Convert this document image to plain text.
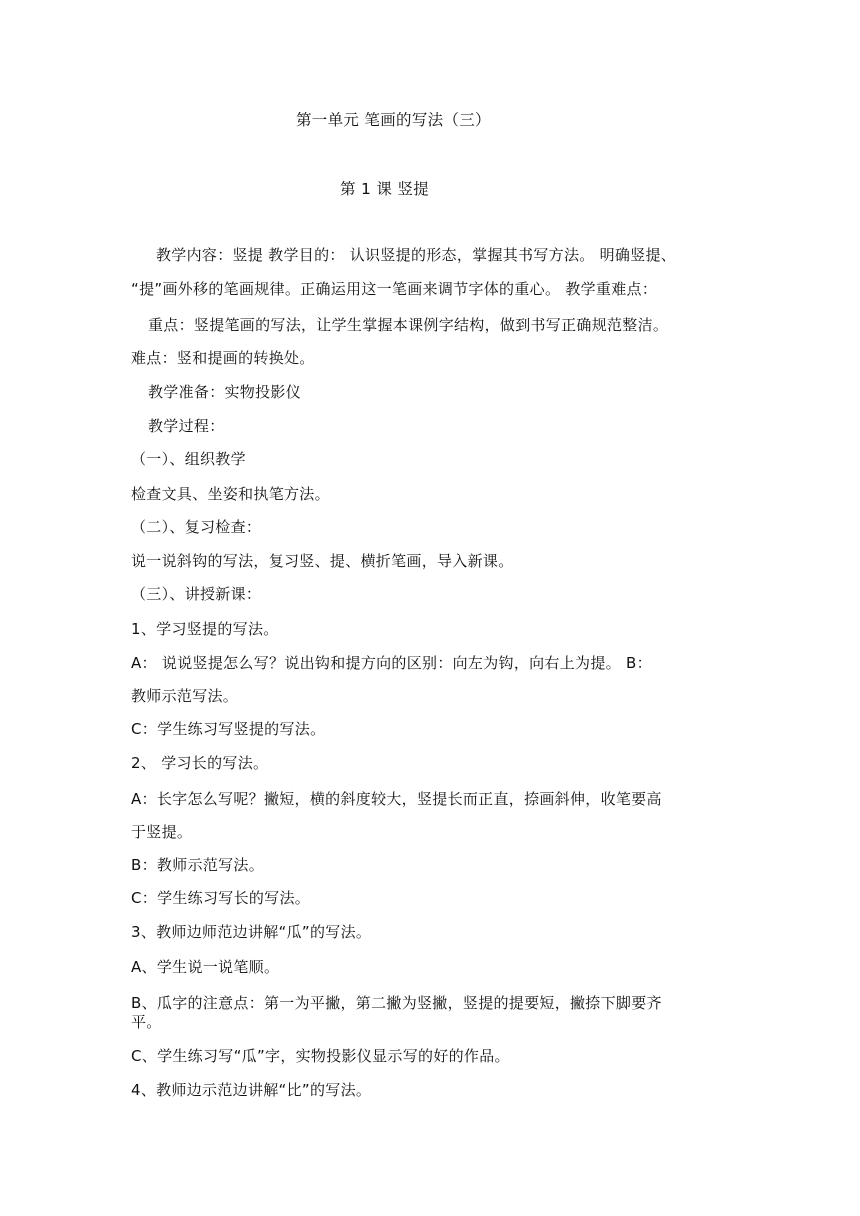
第一单元 笔画的写法（三）
第 1 课 竖提
教学内容：竖提 教学目的： 认识竖提的形态，掌握其书写方法。 明确竖提、
“提”画外移的笔画规律。正确运用这一笔画来调节字体的重心。 教学重难点：
重点：竖提笔画的写法，让学生掌握本课例字结构，做到书写正确规范整洁。
难点：竖和提画的转换处。
教学准备：实物投影仪
教学过程：
（一）、组织教学
检查文具、坐姿和执笔方法。
（二）、复习检查：
说一说斜钩的写法，复习竖、提、横折笔画，导入新课。
（三）、讲授新课：
1、学习竖提的写法。
A： 说说竖提怎么写？说出钩和提方向的区别：向左为钩，向右上为提。 B：
教师示范写法。
C：学生练习写竖提的写法。
2、 学习长的写法。
A：长字怎么写呢？撇短，横的斜度较大，竖提长而正直，捺画斜伸，收笔要高
于竖提。
B：教师示范写法。
C：学生练习写长的写法。
3、教师边师范边讲解“瓜”的写法。
A、学生说一说笔顺。
B、瓜字的注意点：第一为平撇，第二撇为竖撇，竖提的提要短，撇捺下脚要齐
平。
C、学生练习写“瓜”字，实物投影仪显示写的好的作品。
4、教师边示范边讲解“比”的写法。
